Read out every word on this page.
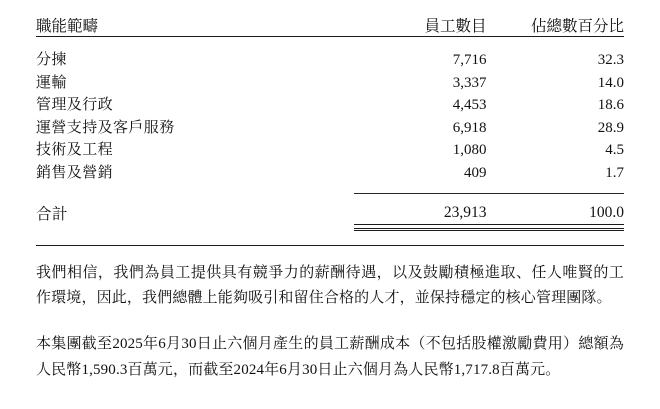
職能範疇	員工數目	佔總數百分比

分揀	7,716	32.3
運輸	3,337	14.0
管理及行政	4,453	18.6
運營支持及客戶服務	6,918	28.9
技術及工程	1,080	4.5
銷售及營銷	409	1.7

合計	23,913	100.0

我們相信，我們為員工提供具有競爭力的薪酬待遇，以及鼓勵積極進取、任人唯賢的工作環境，因此，我們總體上能夠吸引和留住合格的人才，並保持穩定的核心管理團隊。

本集團截至2025年6月30日止六個月產生的員工薪酬成本（不包括股權激勵費用）總額為人民幣1,590.3百萬元，而截至2024年6月30日止六個月為人民幣1,717.8百萬元。
